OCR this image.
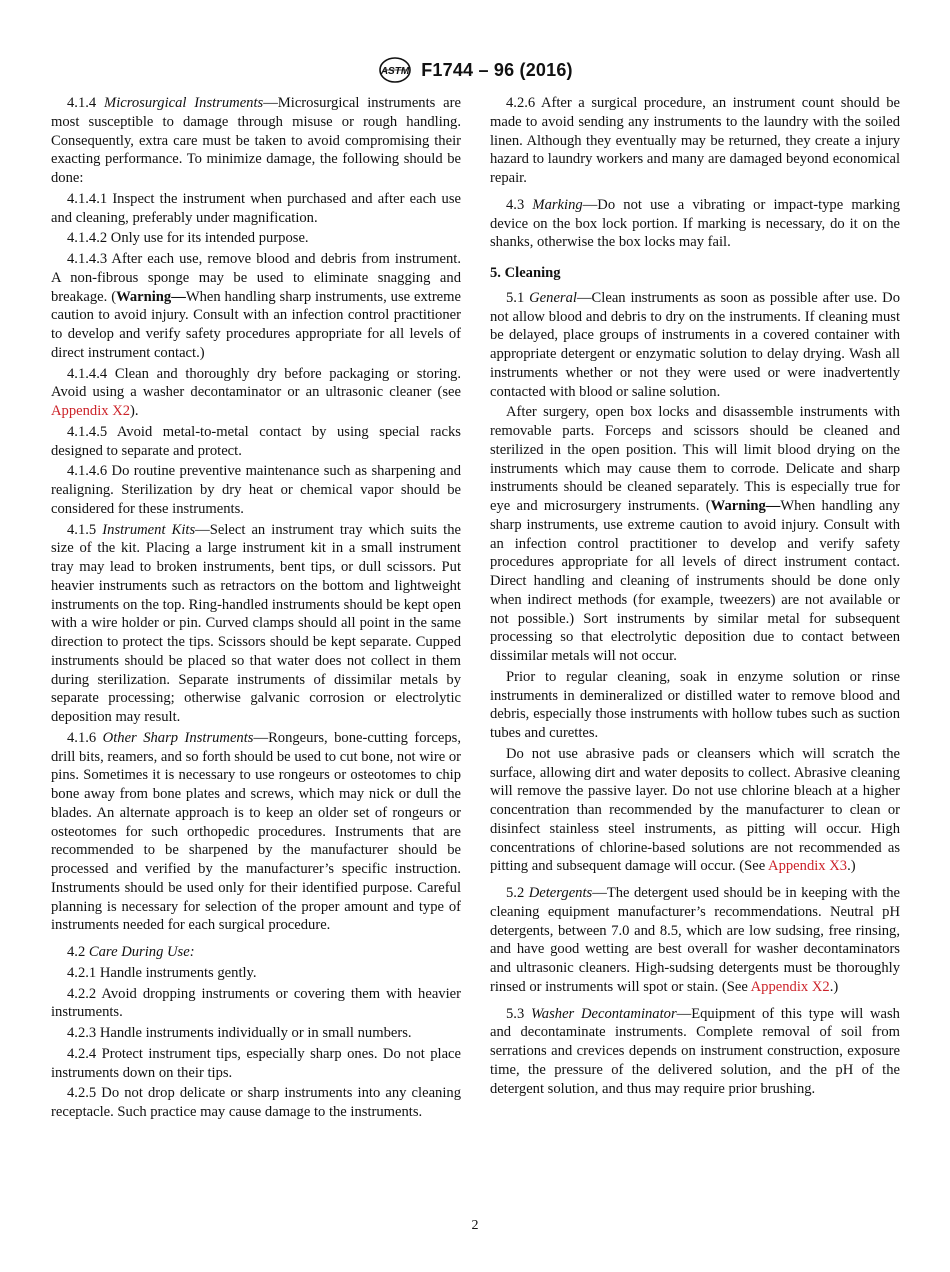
ASTM F1744 – 96 (2016)

4.1.4 Microsurgical Instruments—Microsurgical instruments are most susceptible to damage through misuse or rough handling. Consequently, extra care must be taken to avoid compromising their exacting performance. To minimize damage, the following should be done:

4.1.4.1 Inspect the instrument when purchased and after each use and cleaning, preferably under magnification.

4.1.4.2 Only use for its intended purpose.

4.1.4.3 After each use, remove blood and debris from instrument. A non-fibrous sponge may be used to eliminate snagging and breakage. (Warning—When handling sharp instruments, use extreme caution to avoid injury. Consult with an infection control practitioner to develop and verify safety procedures appropriate for all levels of direct instrument contact.)

4.1.4.4 Clean and thoroughly dry before packaging or storing. Avoid using a washer decontaminator or an ultrasonic cleaner (see Appendix X2).

4.1.4.5 Avoid metal-to-metal contact by using special racks designed to separate and protect.

4.1.4.6 Do routine preventive maintenance such as sharpening and realigning. Sterilization by dry heat or chemical vapor should be considered for these instruments.

4.1.5 Instrument Kits—Select an instrument tray which suits the size of the kit. Placing a large instrument kit in a small instrument tray may lead to broken instruments, bent tips, or dull scissors. Put heavier instruments such as retractors on the bottom and lightweight instruments on the top. Ring-handled instruments should be kept open with a wire holder or pin. Curved clamps should all point in the same direction to protect the tips. Scissors should be kept separate. Cupped instruments should be placed so that water does not collect in them during sterilization. Separate instruments of dissimilar metals by separate processing; otherwise galvanic corrosion or electrolytic deposition may result.

4.1.6 Other Sharp Instruments—Rongeurs, bone-cutting forceps, drill bits, reamers, and so forth should be used to cut bone, not wire or pins. Sometimes it is necessary to use rongeurs or osteotomes to chip bone away from bone plates and screws, which may nick or dull the blades. An alternate approach is to keep an older set of rongeurs or osteotomes for such orthopedic procedures. Instruments that are recommended to be sharpened by the manufacturer should be processed and verified by the manufacturer’s specific instruction. Instruments should be used only for their identified purpose. Careful planning is necessary for selection of the proper amount and type of instruments needed for each surgical procedure.

4.2 Care During Use:

4.2.1 Handle instruments gently.

4.2.2 Avoid dropping instruments or covering them with heavier instruments.

4.2.3 Handle instruments individually or in small numbers.

4.2.4 Protect instrument tips, especially sharp ones. Do not place instruments down on their tips.

4.2.5 Do not drop delicate or sharp instruments into any cleaning receptacle. Such practice may cause damage to the instruments.

4.2.6 After a surgical procedure, an instrument count should be made to avoid sending any instruments to the laundry with the soiled linen. Although they eventually may be returned, they create a injury hazard to laundry workers and many are damaged beyond economical repair.

4.3 Marking—Do not use a vibrating or impact-type marking device on the box lock portion. If marking is necessary, do it on the shanks, otherwise the box locks may fail.

5. Cleaning

5.1 General—Clean instruments as soon as possible after use. Do not allow blood and debris to dry on the instruments. If cleaning must be delayed, place groups of instruments in a covered container with appropriate detergent or enzymatic solution to delay drying. Wash all instruments whether or not they were used or were inadvertently contacted with blood or saline solution.

After surgery, open box locks and disassemble instruments with removable parts. Forceps and scissors should be cleaned and sterilized in the open position. This will limit blood drying on the instruments which may cause them to corrode. Delicate and sharp instruments should be cleaned separately. This is especially true for eye and microsurgery instruments. (Warning—When handling any sharp instruments, use extreme caution to avoid injury. Consult with an infection control practitioner to develop and verify safety procedures appropriate for all levels of direct instrument contact. Direct handling and cleaning of instruments should be done only when indirect methods (for example, tweezers) are not available or not possible.) Sort instruments by similar metal for subsequent processing so that electrolytic deposition due to contact between dissimilar metals will not occur.

Prior to regular cleaning, soak in enzyme solution or rinse instruments in demineralized or distilled water to remove blood and debris, especially those instruments with hollow tubes such as suction tubes and curettes.

Do not use abrasive pads or cleansers which will scratch the surface, allowing dirt and water deposits to collect. Abrasive cleaning will remove the passive layer. Do not use chlorine bleach at a higher concentration than recommended by the manufacturer to clean or disinfect stainless steel instruments, as pitting will occur. High concentrations of chlorine-based solutions are not recommended as pitting and subsequent damage will occur. (See Appendix X3.)

5.2 Detergents—The detergent used should be in keeping with the cleaning equipment manufacturer’s recommendations. Neutral pH detergents, between 7.0 and 8.5, which are low sudsing, free rinsing, and have good wetting are best overall for washer decontaminators and ultrasonic cleaners. High-sudsing detergents must be thoroughly rinsed or instruments will spot or stain. (See Appendix X2.)

5.3 Washer Decontaminator—Equipment of this type will wash and decontaminate instruments. Complete removal of soil from serrations and crevices depends on instrument construction, exposure time, the pressure of the delivered solution, and the pH of the detergent solution, and thus may require prior brushing.

2
